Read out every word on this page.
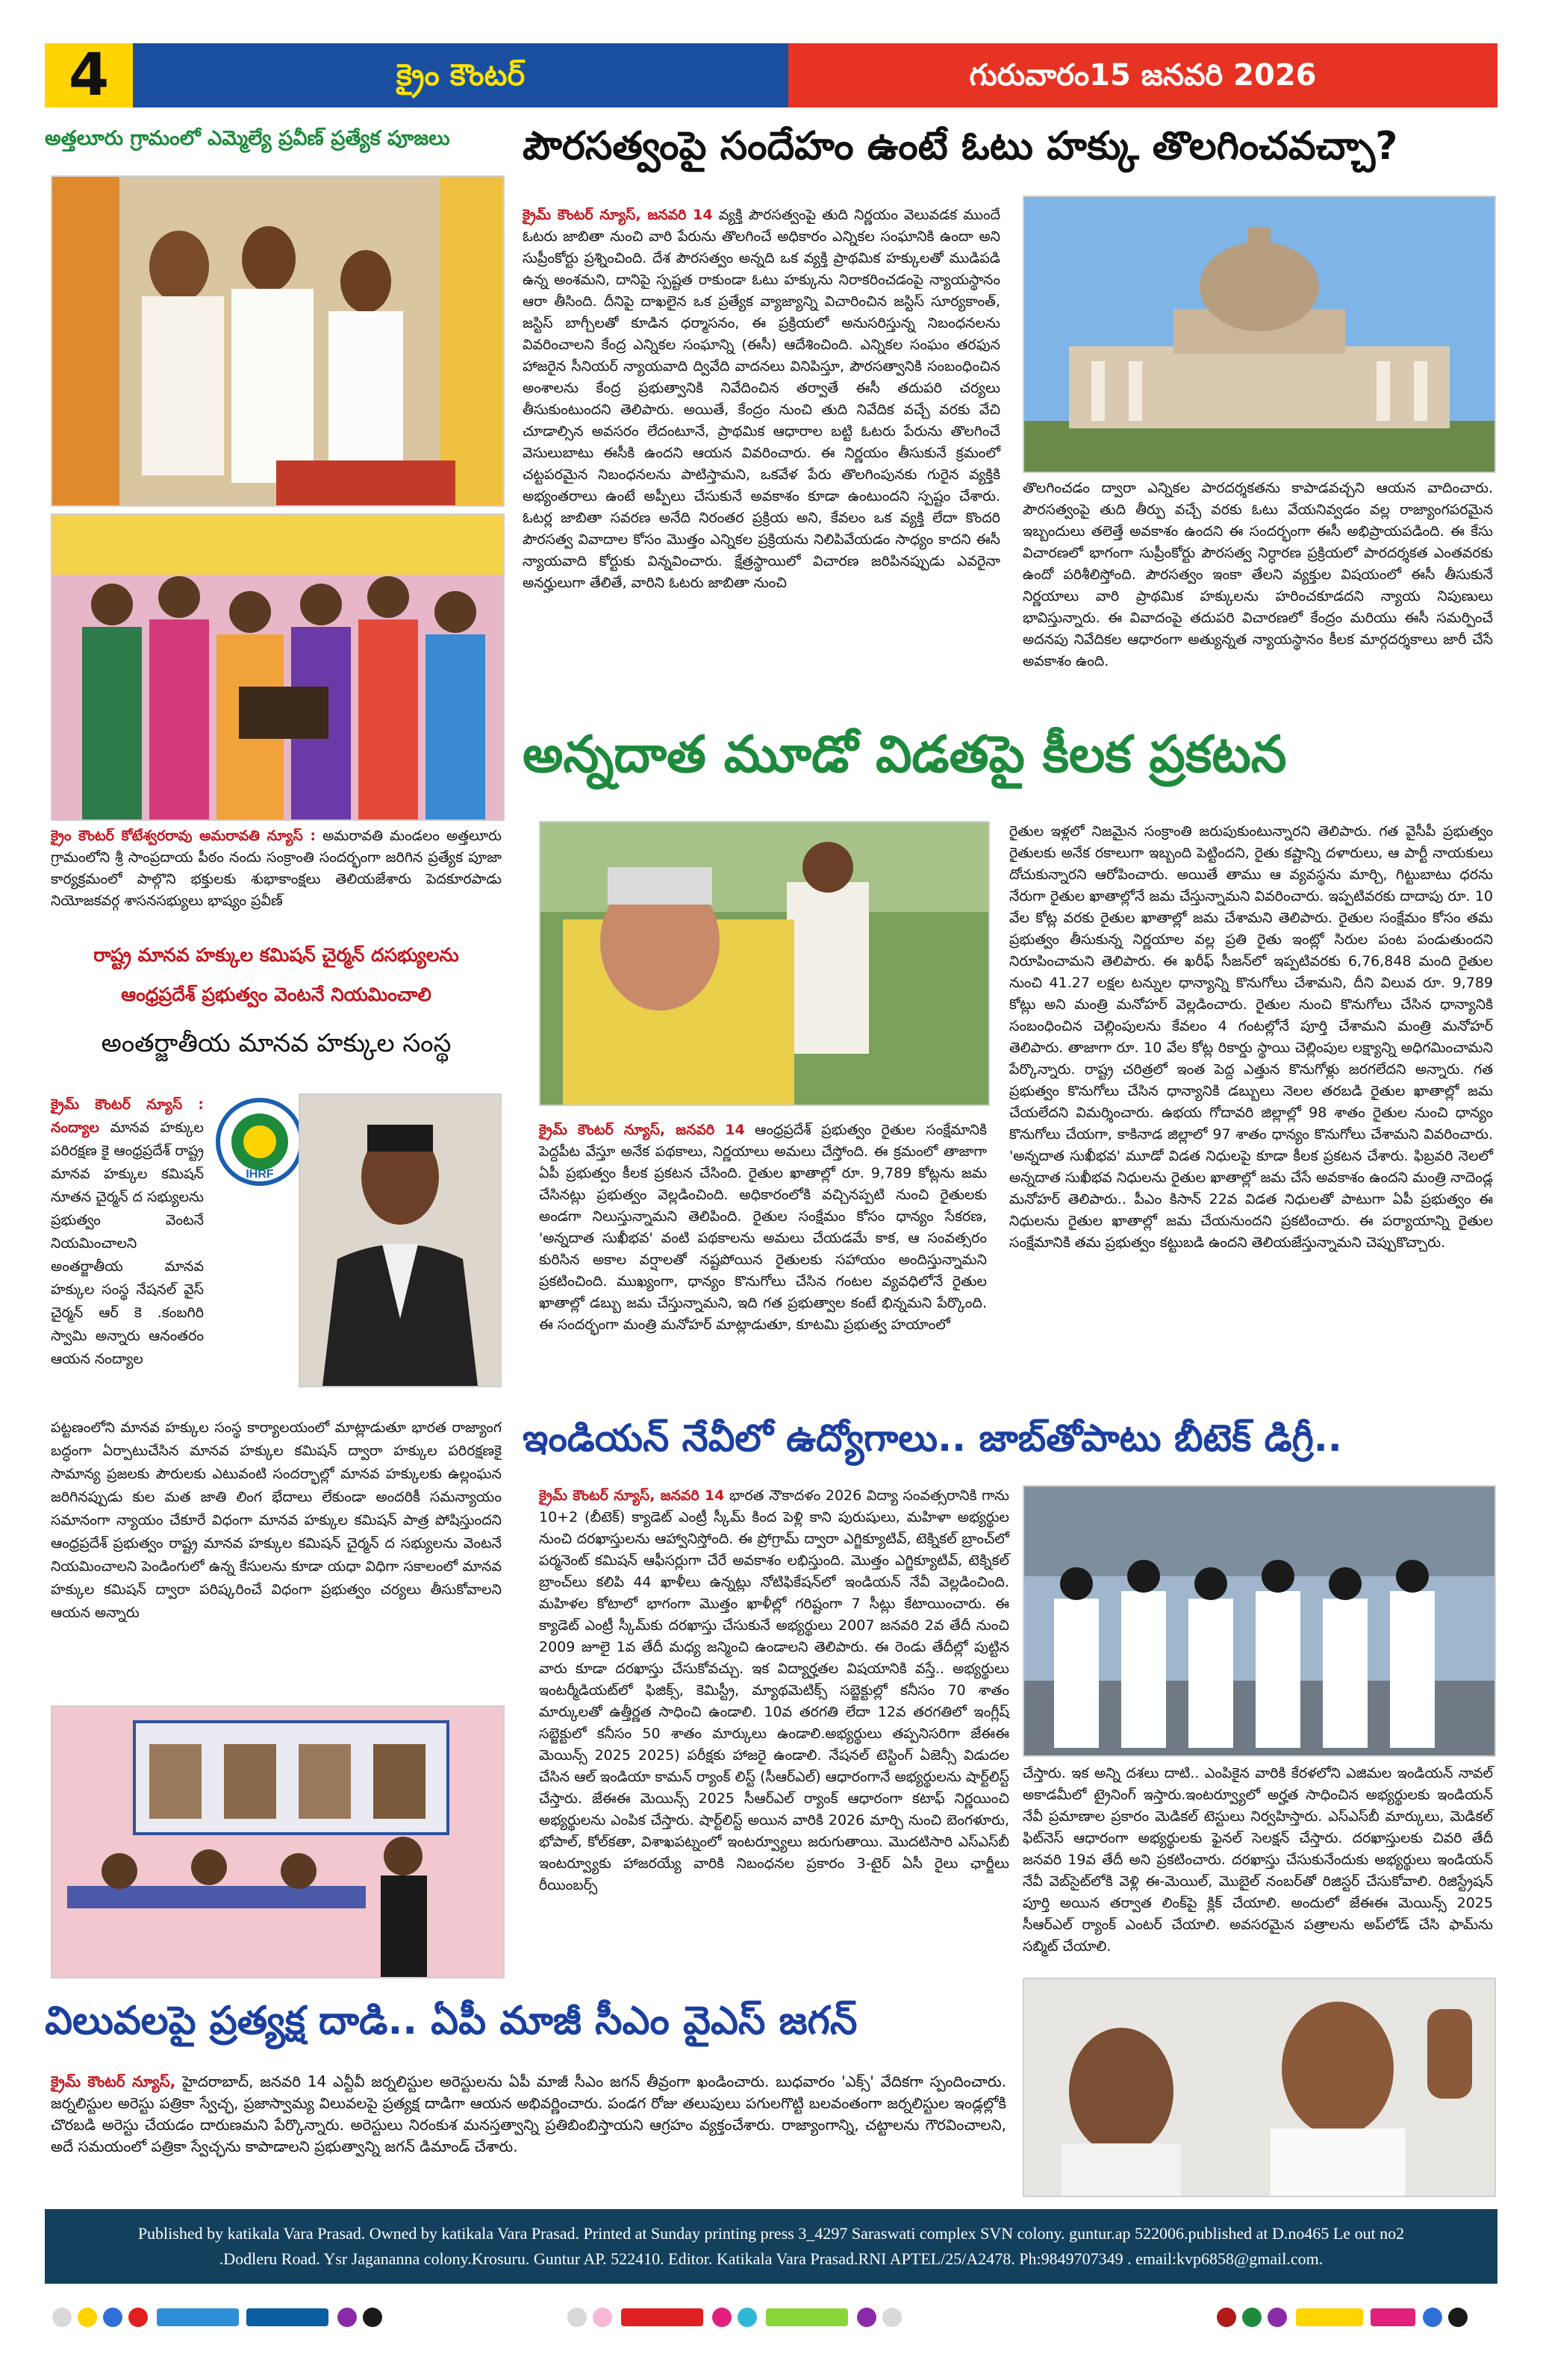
4	క్రైం కౌంటర్	గురువారం15 జనవరి 2026
అత్తలూరు గ్రామంలో ఎమ్మెల్యే ప్రవీణ్ ప్రత్యేక పూజలు
క్రైం కౌంటర్ కోటేశ్వరరావు అమరావతి న్యూస్ : అమరావతి మండలం అత్తలూరు గ్రామంలోని శ్రీ సాంప్రదాయ పీఠం నందు సంక్రాంతి సందర్భంగా జరిగిన ప్రత్యేక పూజా కార్యక్రమంలో పాల్గొని భక్తులకు శుభాకాంక్షలు తెలియజేశారు పెదకూరపాడు నియోజకవర్గ శాసనసభ్యులు భాష్యం ప్రవీణ్
రాష్ట్ర మానవ హక్కుల కమిషన్ చైర్మన్ దసభ్యులను
ఆంధ్రప్రదేశ్ ప్రభుత్వం వెంటనే నియమించాలి
అంతర్జాతీయ మానవ హక్కుల సంస్థ
క్రైమ్ కౌంటర్ న్యూస్ : నంద్యాల మానవ హక్కుల పరిరక్షణ కై ఆంధ్రప్రదేశ్ రాష్ట్ర మానవ హక్కుల కమిషన్ నూతన చైర్మన్ ద సభ్యులను ప్రభుత్వం వెంటనే నియమించాలని అంతర్జాతీయ మానవ హక్కుల సంస్థ నేషనల్ వైస్ చైర్మన్ ఆర్ కె .కంబగిరి స్వామి అన్నారు ఆనంతరం ఆయన నంద్యాల
IHRF
పట్టణంలోని మానవ హక్కుల సంస్థ కార్యాలయంలో మాట్లాడుతూ భారత రాజ్యాంగ బద్ధంగా ఏర్పాటుచేసిన మానవ హక్కుల కమిషన్ ద్వారా హక్కుల పరిరక్షణకై సామాన్య ప్రజలకు పౌరులకు ఎటువంటి సందర్భాల్లో మానవ హక్కులకు ఉల్లంఘన జరిగినప్పుడు కుల మత జాతి లింగ భేదాలు లేకుండా అందరికీ సమన్యాయం సమానంగా న్యాయం చేకూరే విధంగా మానవ హక్కుల కమిషన్ పాత్ర పోషిస్తుందని ఆంధ్రప్రదేశ్ ప్రభుత్వం రాష్ట్ర మానవ హక్కుల కమిషన్ చైర్మన్ ద సభ్యులను వెంటనే నియమించాలని పెండింగులో ఉన్న కేసులను కూడా యధా విధిగా సకాలంలో మానవ హక్కుల కమిషన్ ద్వారా పరిష్కరించే విధంగా ప్రభుత్వం చర్యలు తీసుకోవాలని ఆయన అన్నారు
పౌరసత్వంపై సందేహం ఉంటే ఓటు హక్కు తొలగించవచ్చా?
క్రైమ్ కౌంటర్ న్యూస్, జనవరి 14 వ్యక్తి పౌరసత్వంపై తుది నిర్ణయం వెలువడక ముందే ఓటరు జాబితా నుంచి వారి పేరును తొలగించే అధికారం ఎన్నికల సంఘానికి ఉందా అని సుప్రీంకోర్టు ప్రశ్నించింది. దేశ పౌరసత్వం అన్నది ఒక వ్యక్తి ప్రాథమిక హక్కులతో ముడిపడి ఉన్న అంశమని, దానిపై స్పష్టత రాకుండా ఓటు హక్కును నిరాకరించడంపై న్యాయస్థానం ఆరా తీసింది. దీనిపై దాఖలైన ఒక ప్రత్యేక వ్యాజ్యాన్ని విచారించిన జస్టిస్ సూర్యకాంత్, జస్టిస్ బాగ్చీలతో కూడిన ధర్మాసనం, ఈ ప్రక్రియలో అనుసరిస్తున్న నిబంధనలను వివరించాలని కేంద్ర ఎన్నికల సంఘాన్ని (ఈసీ) ఆదేశించింది. ఎన్నికల సంఘం తరఫున హాజరైన సీనియర్ న్యాయవాది ద్వివేది వాదనలు వినిపిస్తూ, పౌరసత్వానికి సంబంధించిన అంశాలను కేంద్ర ప్రభుత్వానికి నివేదించిన తర్వాతే ఈసీ తదుపరి చర్యలు తీసుకుంటుందని తెలిపారు. అయితే, కేంద్రం నుంచి తుది నివేదిక వచ్చే వరకు వేచి చూడాల్సిన అవసరం లేదంటూనే, ప్రాథమిక ఆధారాల బట్టి ఓటరు పేరును తొలగించే వెసులుబాటు ఈసీకి ఉందని ఆయన వివరించారు. ఈ నిర్ణయం తీసుకునే క్రమంలో చట్టపరమైన నిబంధనలను పాటిస్తామని, ఒకవేళ పేరు తొలగింపునకు గురైన వ్యక్తికి అభ్యంతరాలు ఉంటే అప్పీలు చేసుకునే అవకాశం కూడా ఉంటుందని స్పష్టం చేశారు. ఓటర్ల జాబితా సవరణ అనేది నిరంతర ప్రక్రియ అని, కేవలం ఒక వ్యక్తి లేదా కొందరి పౌరసత్వ వివాదాల కోసం మొత్తం ఎన్నికల ప్రక్రియను నిలిపివేయడం సాధ్యం కాదని ఈసీ న్యాయవాది కోర్టుకు విన్నవించారు. క్షేత్రస్థాయిలో విచారణ జరిపినప్పుడు ఎవరైనా అనర్హులుగా తేలితే, వారిని ఓటరు జాబితా నుంచి
తొలగించడం ద్వారా ఎన్నికల పారదర్శకతను కాపాడవచ్చని ఆయన వాదించారు. పౌరసత్వంపై తుది తీర్పు వచ్చే వరకు ఓటు వేయనివ్వడం వల్ల రాజ్యాంగపరమైన ఇబ్బందులు తలెత్తే అవకాశం ఉందని ఈ సందర్భంగా ఈసీ అభిప్రాయపడింది. ఈ కేసు విచారణలో భాగంగా సుప్రీంకోర్టు పౌరసత్వ నిర్ధారణ ప్రక్రియలో పారదర్శకత ఎంతవరకు ఉందో పరిశీలిస్తోంది. పౌరసత్వం ఇంకా తేలని వ్యక్తుల విషయంలో ఈసీ తీసుకునే నిర్ణయాలు వారి ప్రాథమిక హక్కులను హరించకూడదని న్యాయ నిపుణులు భావిస్తున్నారు. ఈ వివాదంపై తదుపరి విచారణలో కేంద్రం మరియు ఈసీ సమర్పించే అదనపు నివేదికల ఆధారంగా అత్యున్నత న్యాయస్థానం కీలక మార్గదర్శకాలు జారీ చేసే అవకాశం ఉంది.
అన్నదాత మూడో విడతపై కీలక ప్రకటన
క్రైమ్ కౌంటర్ న్యూస్, జనవరి 14 ఆంధ్రప్రదేశ్ ప్రభుత్వం రైతుల సంక్షేమానికి పెద్దపీట వేస్తూ అనేక పథకాలు, నిర్ణయాలు అమలు చేస్తోంది. ఈ క్రమంలో తాజాగా ఏపీ ప్రభుత్వం కీలక ప్రకటన చేసింది. రైతుల ఖాతాల్లో రూ. 9,789 కోట్లను జమ చేసినట్లు ప్రభుత్వం వెల్లడించింది. అధికారంలోకి వచ్చినప్పటి నుంచి రైతులకు అండగా నిలుస్తున్నామని తెలిపింది. రైతుల సంక్షేమం కోసం ధాన్యం సేకరణ, 'అన్నదాత సుఖీభవ' వంటి పథకాలను అమలు చేయడమే కాక, ఆ సంవత్సరం కురిసిన అకాల వర్షాలతో నష్టపోయిన రైతులకు సహాయం అందిస్తున్నామని ప్రకటించింది. ముఖ్యంగా, ధాన్యం కొనుగోలు చేసిన గంటల వ్యవధిలోనే రైతుల ఖాతాల్లో డబ్బు జమ చేస్తున్నామని, ఇది గత ప్రభుత్వాల కంటే భిన్నమని పేర్కొంది. ఈ సందర్భంగా మంత్రి మనోహర్ మాట్లాడుతూ, కూటమి ప్రభుత్వ హయాంలో
రైతుల ఇళ్లలో నిజమైన సంక్రాంతి జరుపుకుంటున్నారని తెలిపారు. గత వైసీపీ ప్రభుత్వం రైతులకు అనేక రకాలుగా ఇబ్బంది పెట్టిందని, రైతు కష్టాన్ని దళారులు, ఆ పార్టీ నాయకులు దోచుకున్నారని ఆరోపించారు. అయితే తాము ఆ వ్యవస్థను మార్చి, గిట్టుబాటు ధరను నేరుగా రైతుల ఖాతాల్లోనే జమ చేస్తున్నామని వివరించారు. ఇప్పటివరకు దాదాపు రూ. 10 వేల కోట్ల వరకు రైతుల ఖాతాల్లో జమ చేశామని తెలిపారు. రైతుల సంక్షేమం కోసం తమ ప్రభుత్వం తీసుకున్న నిర్ణయాల వల్ల ప్రతి రైతు ఇంట్లో సిరుల పంట పండుతుందని నిరూపించామని తెలిపారు. ఈ ఖరీఫ్ సీజన్‌లో ఇప్పటివరకు 6,76,848 మంది రైతుల నుంచి 41.27 లక్షల టన్నుల ధాన్యాన్ని కొనుగోలు చేశామని, దీని విలువ రూ. 9,789 కోట్లు అని మంత్రి మనోహర్ వెల్లడించారు. రైతుల నుంచి కొనుగోలు చేసిన ధాన్యానికి సంబంధించిన చెల్లింపులను కేవలం 4 గంటల్లోనే పూర్తి చేశామని మంత్రి మనోహర్ తెలిపారు. తాజాగా రూ. 10 వేల కోట్ల రికార్డు స్థాయి చెల్లింపుల లక్ష్యాన్ని అధిగమించామని పేర్కొన్నారు. రాష్ట్ర చరిత్రలో ఇంత పెద్ద ఎత్తున కొనుగోళ్లు జరగలేదని అన్నారు. గత ప్రభుత్వం కొనుగోలు చేసిన ధాన్యానికి డబ్బులు నెలల తరబడి రైతుల ఖాతాల్లో జమ చేయలేదని విమర్శించారు. ఉభయ గోదావరి జిల్లాల్లో 98 శాతం రైతుల నుంచి ధాన్యం కొనుగోలు చేయగా, కాకినాడ జిల్లాలో 97 శాతం ధాన్యం కొనుగోలు చేశామని వివరించారు. 'అన్నదాత సుఖీభవ' మూడో విడత నిధులపై కూడా కీలక ప్రకటన చేశారు. ఫిబ్రవరి నెలలో అన్నదాత సుఖీభవ నిధులను రైతుల ఖాతాల్లో జమ చేసే అవకాశం ఉందని మంత్రి నాదెండ్ల మనోహర్ తెలిపారు.. పీఎం కిసాన్ 22వ విడత నిధులతో పాటుగా ఏపీ ప్రభుత్వం ఈ నిధులను రైతుల ఖాతాల్లో జమ చేయనుందని ప్రకటించారు. ఈ పర్యాయాన్ని రైతుల సంక్షేమానికి తమ ప్రభుత్వం కట్టుబడి ఉందని తెలియజేస్తున్నామని చెప్పుకొచ్చారు.
ఇండియన్ నేవీలో ఉద్యోగాలు.. జాబ్‌తోపాటు బీటెక్ డిగ్రీ..
క్రైమ్ కౌంటర్ న్యూస్, జనవరి 14 భారత నౌకాదళం 2026 విద్యా సంవత్సరానికి గాను 10+2 (బీటెక్) క్యాడెట్ ఎంట్రీ స్కీమ్ కింద పెళ్లి కాని పురుషులు, మహిళా అభ్యర్థుల నుంచి దరఖాస్తులను ఆహ్వానిస్తోంది. ఈ ప్రోగ్రామ్ ద్వారా ఎగ్జిక్యూటివ్, టెక్నికల్ బ్రాంచ్‌లో పర్మనెంట్ కమిషన్ ఆఫీసర్లుగా చేరే అవకాశం లభిస్తుంది. మొత్తం ఎగ్జిక్యూటివ్, టెక్నికల్ బ్రాంచ్‌లు కలిపి 44 ఖాళీలు ఉన్నట్లు నోటిఫికేషన్‌లో ఇండియన్ నేవీ వెల్లడించింది. మహిళల కోటాలో భాగంగా మొత్తం ఖాళీల్లో గరిష్టంగా 7 సీట్లు కేటాయించారు. ఈ క్యాడెట్ ఎంట్రీ స్కీమ్‌కు దరఖాస్తు చేసుకునే అభ్యర్థులు 2007 జనవరి 2వ తేదీ నుంచి 2009 జూలై 1వ తేదీ మధ్య జన్మించి ఉండాలని తెలిపారు. ఈ రెండు తేదీల్లో పుట్టిన వారు కూడా దరఖాస్తు చేసుకోవచ్చు. ఇక విద్యార్హతల విషయానికి వస్తే.. అభ్యర్థులు ఇంటర్మీడియట్‌లో ఫిజిక్స్, కెమిస్ట్రీ, మ్యాథమెటిక్స్ సబ్జెక్టుల్లో కనీసం 70 శాతం మార్కులతో ఉత్తీర్ణత సాధించి ఉండాలి. 10వ తరగతి లేదా 12వ తరగతిలో ఇంగ్లీష్ సబ్జెక్టులో కనీసం 50 శాతం మార్కులు ఉండాలి.అభ్యర్థులు తప్పనిసరిగా జేఈఈ మెయిన్స్ 2025 2025) పరీక్షకు హాజరై ఉండాలి. నేషనల్ టెస్టింగ్ ఏజెన్సీ విడుదల చేసిన ఆల్ ఇండియా కామన్ ర్యాంక్ లిస్ట్ (సీఆర్ఎల్) ఆధారంగానే అభ్యర్థులను షార్ట్‌లిస్ట్ చేస్తారు. జేఈఈ మెయిన్స్ 2025 సీఆర్ఎల్ ర్యాంక్ ఆధారంగా కటాఫ్ నిర్ణయించి అభ్యర్థులను ఎంపిక చేస్తారు. షార్ట్‌లిస్ట్ అయిన వారికి 2026 మార్చి నుంచి బెంగళూరు, భోపాల్, కోల్‌కతా, విశాఖపట్నంలో ఇంటర్వ్యూలు జరుగుతాయి. మొదటిసారి ఎస్‌ఎస్‌బీ ఇంటర్వ్యూకు హాజరయ్యే వారికి నిబంధనల ప్రకారం 3-టైర్ ఏసీ రైలు ఛార్జీలు రీయింబర్స్
చేస్తారు. ఇక అన్ని దశలు దాటి.. ఎంపికైన వారికి కేరళలోని ఎజిమల ఇండియన్ నావల్ అకాడమీలో ట్రైనింగ్ ఇస్తారు.ఇంటర్వ్యూలో అర్హత సాధించిన అభ్యర్థులకు ఇండియన్ నేవీ ప్రమాణాల ప్రకారం మెడికల్ టెస్టులు నిర్వహిస్తారు. ఎస్‌ఎస్‌బీ మార్కులు, మెడికల్ ఫిట్‌నెస్ ఆధారంగా అభ్యర్థులకు ఫైనల్ సెలక్షన్ చేస్తారు. దరఖాస్తులకు చివరి తేదీ జనవరి 19వ తేదీ అని ప్రకటించారు. దరఖాస్తు చేసుకునేందుకు అభ్యర్థులు ఇండియన్ నేవీ వెబ్‌సైట్‌లోకి వెళ్లి ఈ-మెయిల్, మొబైల్ నంబర్‌తో రిజిస్టర్ చేసుకోవాలి. రిజిస్ట్రేషన్ పూర్తి అయిన తర్వాత లింక్‌పై క్లిక్ చేయాలి. అందులో జేఈఈ మెయిన్స్ 2025 సీఆర్ఎల్ ర్యాంక్ ఎంటర్ చేయాలి. అవసరమైన పత్రాలను అప్‌లోడ్ చేసి ఫామ్‌ను సబ్మిట్ చేయాలి.
విలువలపై ప్రత్యక్ష దాడి.. ఏపీ మాజీ సీఎం వైఎస్ జగన్
క్రైమ్ కౌంటర్ న్యూస్, హైదరాబాద్, జనవరి 14 ఎన్టీవీ జర్నలిస్టుల అరెస్టులను ఏపీ మాజీ సీఎం జగన్ తీవ్రంగా ఖండించారు. బుధవారం 'ఎక్స్' వేదికగా స్పందించారు. జర్నలిస్టుల అరెస్టు పత్రికా స్వేచ్ఛ, ప్రజాస్వామ్య విలువలపై ప్రత్యక్ష దాడిగా ఆయన అభివర్ణించారు. పండగ రోజు తలుపులు పగులగొట్టి బలవంతంగా జర్నలిస్టుల ఇండ్లల్లోకి చొరబడి అరెస్టు చేయడం దారుణమని పేర్కొన్నారు. అరెస్టులు నిరంకుశ మనస్తత్వాన్ని ప్రతిబింబిస్తాయని ఆగ్రహం వ్యక్తంచేశారు. రాజ్యాంగాన్ని, చట్టాలను గౌరవించాలని, అదే సమయంలో పత్రికా స్వేచ్ఛను కాపాడాలని ప్రభుత్వాన్ని జగన్ డిమాండ్ చేశారు.
Published by katikala Vara Prasad. Owned by katikala Vara Prasad. Printed at Sunday printing press 3_4297 Saraswati complex SVN colony. guntur.ap 522006.published at D.no465 Le out no2
.Dodleru Road. Ysr Jagananna colony.Krosuru. Guntur AP. 522410. Editor. Katikala Vara Prasad.RNI APTEL/25/A2478. Ph:9849707349 . email:kvp6858@gmail.com.
